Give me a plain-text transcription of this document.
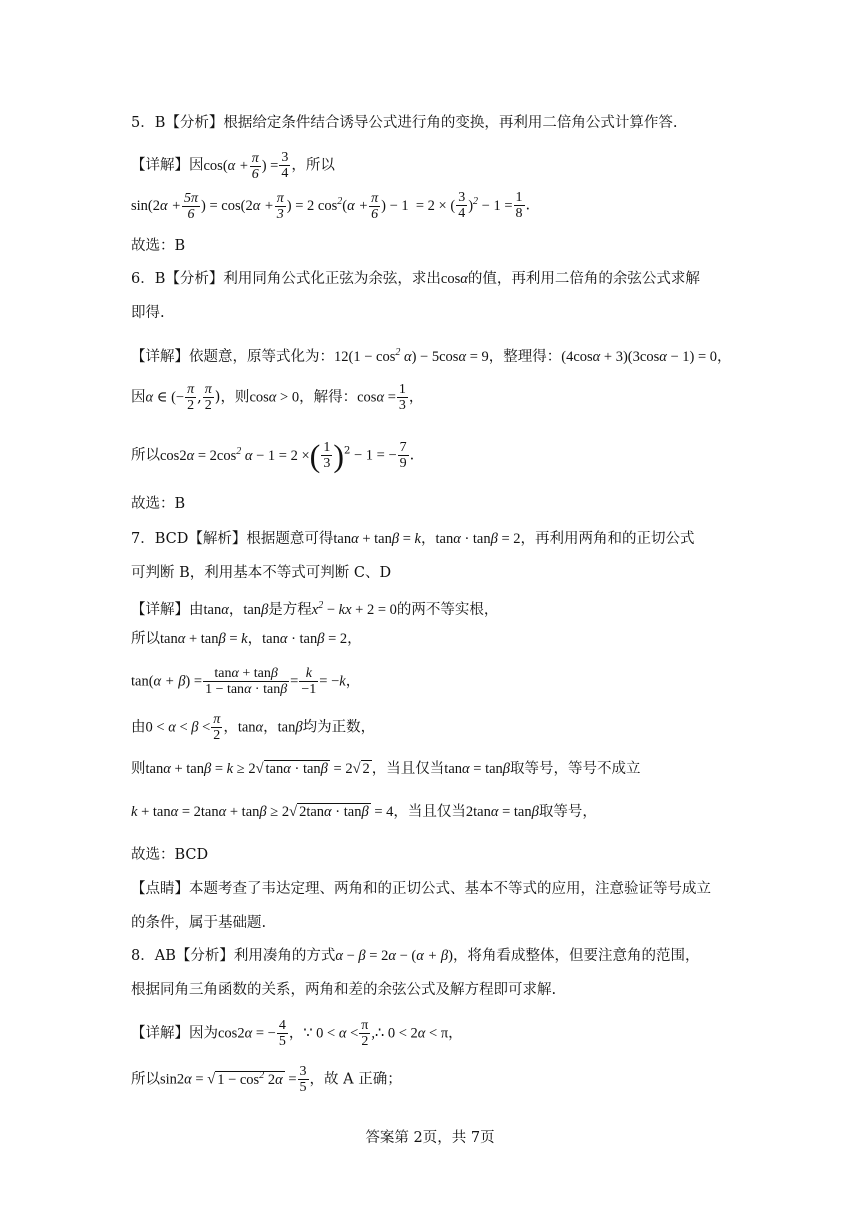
5．B【分析】根据给定条件结合诱导公式进行角的变换，再利用二倍角公式计算作答.
【详解】因$\cos(\alpha + \frac{\pi}{6}$ ) = $\frac{3}{4}$ ，所以
$\sin(2\alpha + \frac{5\pi}{6}$ ) = $\cos(2\alpha + \frac{\pi}{3}$ ) = 2 $\cos^2(\alpha + \frac{\pi}{6}$ ) − 1  = 2 × ( $\frac{3}{4} )^2 - 1 = \frac{1}{8}$ .
故选：B
6．B【分析】利用同角公式化正弦为余弦，求出cosα的值，再利用二倍角的余弦公式求解
即得.
【详解】依题意，原等式化为：$12(1 - \cos^2 \alpha) - 5\cos\alpha = 9$，整理得：(4cosα + 3)(3cosα − 1) = 0，
因α ∈ (− $\frac{\pi}{2}$ , $\frac{\pi}{2}$ )，则cosα > 0，解得：$\cos\alpha = \frac{1}{3}$ ，
所以$\cos 2\alpha = 2\cos^2$ α − 1 = 2 ×( $\frac{1}{3} )^2 - 1$ = − $\frac{7}{9}$ .
故选：B
7．BCD【解析】根据题意可得tanα + tanβ = k，tanα · tanβ = 2，再利用两角和的正切公式
可判断 B，利用基本不等式可判断 C、D
【详解】由tanα，tanβ是方程$x^2$ − kx + 2 = 0的两不等实根，
所以tanα + tanβ = k，tanα · tanβ = 2，
$\tan(\alpha + \beta) = \frac{\tan\alpha + \tan\beta}{1 - \tan\alpha \cdot \tan\beta} = \frac{k}{-1} = -k$，
由$0 < \alpha < \beta < \frac{\pi}{2}$ ，tanα，tanβ均为正数，
则tanα + tanβ = k ≥ 2√ tanα · tanβ = 2√ 2 ，当且仅当tanα = tanβ取等号，等号不成立
k + tanα = 2tanα + tanβ ≥ 2√ 2tanα · tanβ = 4，当且仅当2tanα = tanβ取等号，
故选：BCD
【点睛】本题考查了韦达定理、两角和的正切公式、基本不等式的应用，注意验证等号成立
的条件，属于基础题.
8．AB【分析】利用凑角的方式α − β = 2α − (α + β)，将角看成整体，但要注意角的范围，
根据同角三角函数的关系，两角和差的余弦公式及解方程即可求解.
【详解】因为cos2α = − $\frac{4}{5}$ ，∵ $0 < \alpha < \frac{\pi}{2}$ ,∴ 0 < 2α < π，
所以sin2α = √ $1 - \cos^2 2\alpha = \frac{3}{5}$ ，故 A 正确；
答案第 2页，共 7页
